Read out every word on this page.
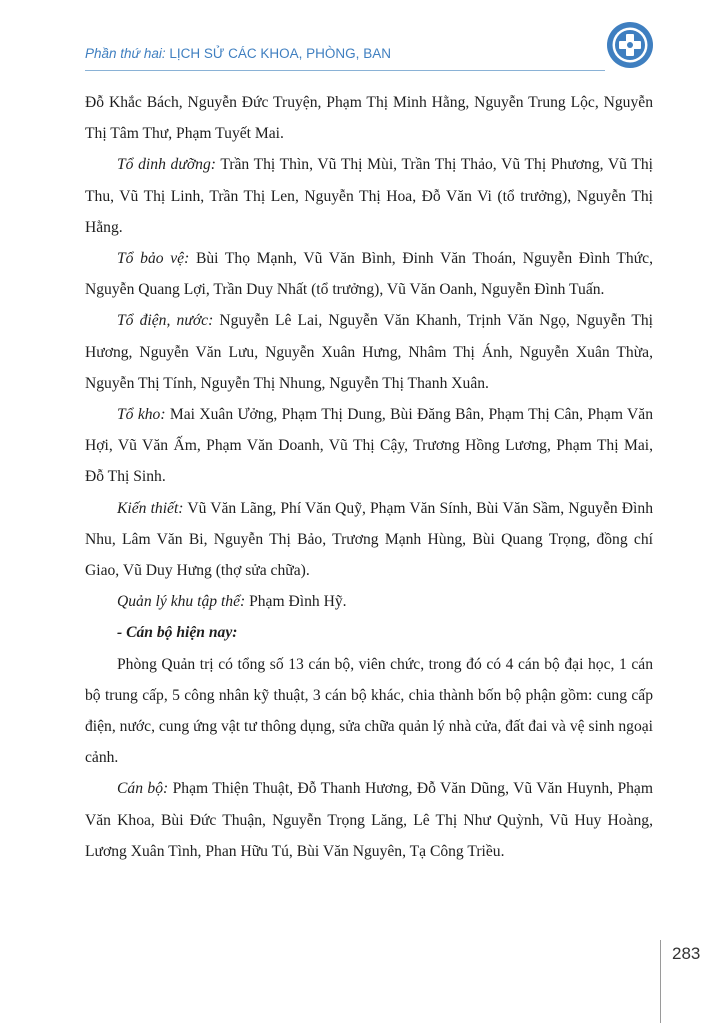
Phần thứ hai: LỊCH SỬ CÁC KHOA, PHÒNG, BAN

Đỗ Khắc Bách, Nguyễn Đức Truyện, Phạm Thị Minh Hằng, Nguyễn Trung Lộc, Nguyễn Thị Tâm Thư, Phạm Tuyết Mai.

Tổ dinh dưỡng: Trần Thị Thìn, Vũ Thị Mùi, Trần Thị Thảo, Vũ Thị Phương, Vũ Thị Thu, Vũ Thị Linh, Trần Thị Len, Nguyễn Thị Hoa, Đỗ Văn Vi (tổ trưởng), Nguyễn Thị Hằng.

Tổ bảo vệ: Bùi Thọ Mạnh, Vũ Văn Bình, Đinh Văn Thoán, Nguyễn Đình Thức, Nguyễn Quang Lợi, Trần Duy Nhất (tổ trưởng), Vũ Văn Oanh, Nguyễn Đình Tuấn.

Tổ điện, nước: Nguyễn Lê Lai, Nguyễn Văn Khanh, Trịnh Văn Ngọ, Nguyễn Thị Hương, Nguyễn Văn Lưu, Nguyễn Xuân Hưng, Nhâm Thị Ánh, Nguyễn Xuân Thừa, Nguyễn Thị Tính, Nguyễn Thị Nhung, Nguyễn Thị Thanh Xuân.

Tổ kho: Mai Xuân Ưởng, Phạm Thị Dung, Bùi Đăng Bân, Phạm Thị Cân, Phạm Văn Hợi, Vũ Văn Ấm, Phạm Văn Doanh, Vũ Thị Cậy, Trương Hồng Lương, Phạm Thị Mai, Đỗ Thị Sinh.

Kiến thiết: Vũ Văn Lãng, Phí Văn Quỹ, Phạm Văn Sính, Bùi Văn Sầm, Nguyễn Đình Nhu, Lâm Văn Bi, Nguyễn Thị Bảo, Trương Mạnh Hùng, Bùi Quang Trọng, đồng chí Giao, Vũ Duy Hưng (thợ sửa chữa).

Quản lý khu tập thể: Phạm Đình Hỹ.

- Cán bộ hiện nay:

Phòng Quản trị có tổng số 13 cán bộ, viên chức, trong đó có 4 cán bộ đại học, 1 cán bộ trung cấp, 5 công nhân kỹ thuật, 3 cán bộ khác, chia thành bốn bộ phận gồm: cung cấp điện, nước, cung ứng vật tư thông dụng, sửa chữa quản lý nhà cửa, đất đai và vệ sinh ngoại cảnh.

Cán bộ: Phạm Thiện Thuật, Đỗ Thanh Hương, Đỗ Văn Dũng, Vũ Văn Huynh, Phạm Văn Khoa, Bùi Đức Thuận, Nguyễn Trọng Lăng, Lê Thị Như Quỳnh, Vũ Huy Hoàng, Lương Xuân Tình, Phan Hữu Tú, Bùi Văn Nguyên, Tạ Công Triều.

283
